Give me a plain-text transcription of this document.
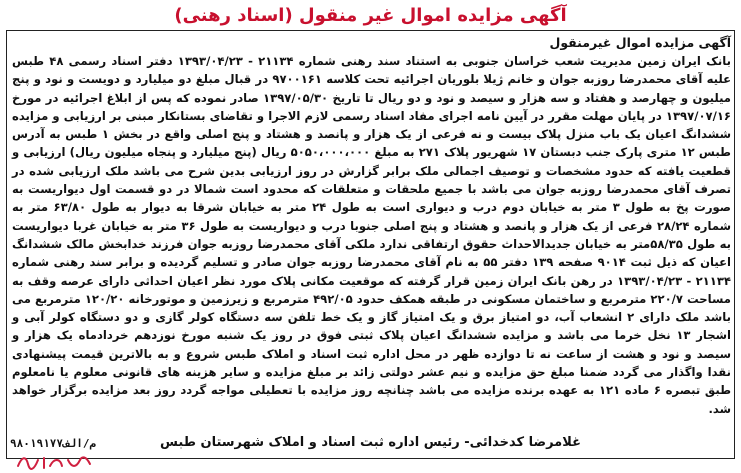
آگهی مزایده اموال غیر منقول (اسناد رهنی)
آگهی مزایده اموال غیرمنقول
بانک ایران زمین مدیریت شعب خراسان جنوبی به استناد سند رهنی شماره ۲۱۱۳۴ - ۱۳۹۳/۰۴/۲۳ دفتر اسناد رسمی ۴۸ طبس علیه آقای محمدرضا روزبه جوان و خانم ژیلا بلوریان اجرائیه تحت کلاسه ۹۷۰۰۱۶۱ در قبال مبلغ دو میلیارد و دویست و نود و پنج میلیون و چهارصد و هفتاد و سه هزار و سیصد و نود و دو ریال تا تاریخ ۱۳۹۷/۰۵/۳۰ صادر نموده که پس از ابلاغ اجرائیه در مورخ ۱۳۹۷/۰۷/۱۶ در پایان مهلت مقرر در آیین نامه اجرای مفاد اسناد رسمی لازم الاجرا و تقاضای بستانکار مبنی بر ارزیابی و مزایده ششدانگ اعیان یک باب منزل پلاک بیست و نه فرعی از یک هزار و پانصد و هشتاد و پنج اصلی واقع در بخش ۱ طبس به آدرس طبس ۱۲ متری پارک جنب دبستان ۱۷ شهریور پلاک ۲۷۱ به مبلغ ۵۰۵۰،۰۰۰،۰۰۰ ریال (پنج میلیارد و پنجاه میلیون ریال) ارزیابی و قطعیت یافته که حدود مشخصات و توصیف اجمالی ملک برابر گزارش در روز ارزیابی بدین شرح می باشد ملک ارزیابی شده در تصرف آقای محمدرضا روزبه جوان می باشد با جمیع ملحقات و متعلقات که محدود است شمالا در دو قسمت اول دیواریست به صورت پخ به طول ۳ متر به خیابان دوم درب و دیواری است به طول ۲۴ متر به خیابان شرقا به دیوار به طول ۶۳/۸۰ متر به شماره ۲۸/۲۴ فرعی از یک هزار و پانصد و هشتاد و پنج اصلی جنوبا درب و دیواریست به طول ۳۶ متر به خیابان غربا دیواریست به طول ۵۸/۳۵متر به خیابان جدیدالاحداث حقوق ارتفاقی ندارد ملکی آقای محمدرضا روزبه جوان فرزند خدابخش مالک ششدانگ اعیان که ذیل ثبت ۹۰۱۴ صفحه ۱۳۹ دفتر ۵۵ به نام آقای محمدرضا روزبه جوان صادر و تسلیم گردیده و برابر سند رهنی شماره ۲۱۱۳۴ - ۱۳۹۳/۰۴/۲۳ در رهن بانک ایران زمین قرار گرفته که موقعیت مکانی پلاک مورد نظر اعیان احداثی دارای عرصه وقف به مساحت ۲۲۰/۷ مترمربع و ساختمان مسکونی در طبقه همکف حدود ۴۹۲/۰۵ مترمربع و زیرزمین و موتورخانه ۱۲۰/۲۰ مترمربع می باشد ملک دارای ۲ انشعاب آب، دو امتیاز برق و یک امتیاز گاز و یک خط تلفن سه دستگاه کولر گازی و دو دستگاه کولر آبی و اشجار ۱۳ نخل خرما می باشد و مزایده ششدانگ اعیان پلاک ثبتی فوق در روز یک شنبه مورخ نوزدهم خردادماه یک هزار و سیصد و نود و هشت از ساعت نه تا دوازده ظهر در محل اداره ثبت اسناد و املاک طبس شروع و به بالاترین قیمت پیشنهادی نقدا واگذار می گردد ضمنا مبلغ حق مزایده و نیم عشر دولتی زائد بر مبلغ مزایده و سایر هزینه های قانونی معلوم یا نامعلوم طبق تبصره ۶ ماده ۱۲۱ به عهده برنده مزایده می باشد چنانچه روز مزایده با تعطیلی مواجه گردد روز بعد مزایده برگزار خواهد شد.
غلامرضا کدخدائی- رئیس اداره ثبت اسناد و املاک شهرستان طبس
م/الف۹۸۰۱۹۱۷۷
